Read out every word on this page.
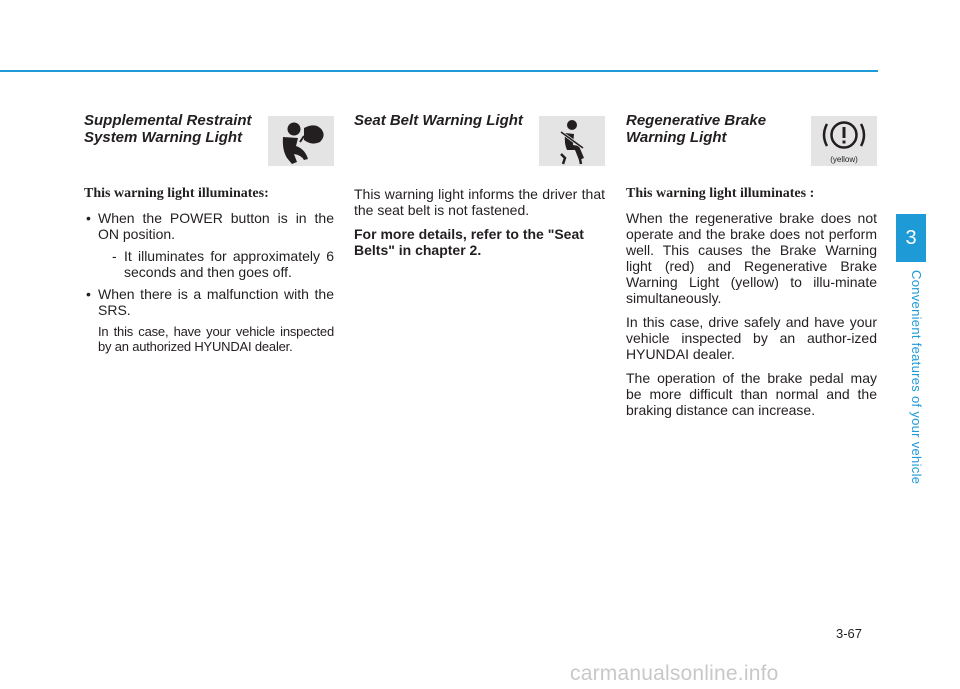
Supplemental Restraint System Warning Light
This warning light illuminates:
• When the POWER button is in the ON position.
- It illuminates for approximately 6 seconds and then goes off.
• When there is a malfunction with the SRS.

In this case, have your vehicle inspected by an authorized HYUNDAI dealer.

Seat Belt Warning Light

This warning light informs the driver that the seat belt is not fastened.

For more details, refer to the "Seat Belts" in chapter 2.

Regenerative Brake Warning Light
(yellow)
This warning light illuminates :

When the regenerative brake does not operate and the brake does not perform well. This causes the Brake Warning light (red) and Regenerative Brake Warning Light (yellow) to illu-minate simultaneously.

In this case, drive safely and have your vehicle inspected by an author-ized HYUNDAI dealer.

The operation of the brake pedal may be more difficult than normal and the braking distance can increase.

3
Convenient features of your vehicle
3-67
carmanualsonline.info
